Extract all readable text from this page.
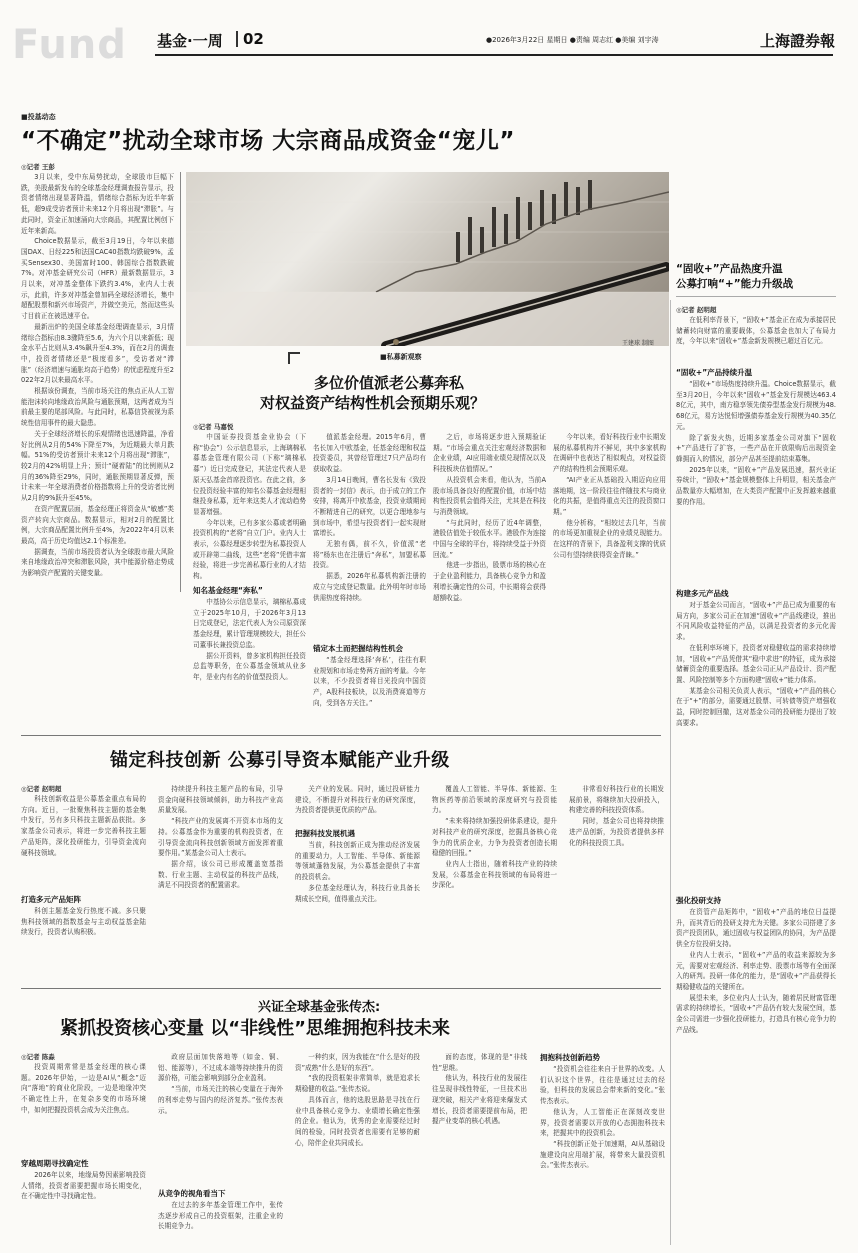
Fund 基金·一周 02	●2026年3月22日 星期日 ●责编 周志红 ●美编 刘宇涛	上海證券報
■投基动态
“不确定”扰动全球市场 大宗商品成资金“宠儿”
◎记者 王彭

3月以来，受中东局势扰动，全球股市巨幅下跌，美股最新发布的全球基金经理调查报告显示，投资者情绪出现显著降温，情绪综合指标为近半年新低，超9成受访者预计未来12个月将出现“滞胀”。与此同时，资金正加速涌向大宗商品，其配置比例创下近年来新高。

Choice数据显示，截至3月19日，今年以来德国DAX、日经225和法国CAC40指数均跌破9%，孟买Sensex30、美国富时100、韩国综合指数跌破7%。对冲基金研究公司（HFR）最新数据显示，3月以来，对冲基金整体下跌约3.4%，业内人士表示，此前，许多对冲基金曾加码全球经济增长，集中超配股票和新兴市场资产，并做空美元，然而这些头寸目前正在被迅速平仓。

最新出炉的美国全球基金经理调查显示，3月情绪综合指标由8.3骤降至5.6，为六个月以来新低；现金水平占比则从3.4%飙升至4.3%，而在2月的调查中，投资者情绪还是“极度看多”，受访者对“滞胀”（经济增速与通胀均高于趋势）的忧虑程度升至2022年2月以来最高水平。

根据该份调查，当前市场关注的焦点正从人工智能泡沫转向地缘政治风险与通胀预期，这两者成为当前最主要的尾部风险。与此同时，私募信贷被视为系统性信用事件的最大隐患。

关于全球经济增长的乐观情绪也迅速降温，净看好比例从2月的54%下降至7%，为近期最大单月跌幅。51%的受访者预计未来12个月将出现“滞胀”，较2月的42%明显上升；预计“硬着陆”的比例则从2月的36%降至29%，同时，通胀预期显著反弹，预计未来一年全球消费者价格指数将上升的受访者比例从2月的9%跃升至45%。

在资产配置层面，基金经理正将资金从“敏感”类资产转向大宗商品。数据显示，相对2月的配置比例，大宗商品配置比例升至4%，为2022年4月以来最高，高于历史均值达2.1个标准差。

据调查，当前市场投资者认为全球股市最大风险来自地缘政治冲突和滞胀风险，其中能源价格走势成为影响资产配置的关键变量。

王建球 制图
“固收+”产品热度升温
公募打响“+”能力升级战
■私募新观察
多位价值派老公募奔私
对权益资产结构性机会预期乐观？
◎记者 马嘉悦

中国证券投资基金业协会（下称“协会”）公示信息显示，上海璃棉私募基金管理有限公司（下称“璃棉私募”）近日完成登记，其法定代表人是原天弘基金首席投资官。在此之前，多位投资经验丰富的知名公募基金经理相继投身私募，近年来这类人才流动趋势显著增强。

今年以来，已有多家公募或者明确投资机构的“老将”自立门户。业内人士表示，公募经理逐步转型为私募投资人或开辟第二曲线，这些“老将”凭借丰富经验，将进一步完善私募行业的人才结构。

知名基金经理“奔私”

中基协公示信息显示，璃棉私募成立于2025年10月，于2026年3月13日完成登记，法定代表人为公司原资深基金经理，累计管理规模较大，担任公司董事长兼投资总监。

据公开资料，曾多家机构担任投资总监等职务，在公募基金领域从业多年，是业内有名的价值型投资人。

值派基金经理。2015年6月，曹名长加入中欧基金，任基金经理和权益投资委员，其曾经管理过7只产品均有获取收益。

3月14日晚间，曹名长发布《致投资者的一封信》表示，由于成立的工作安排，将离开中欧基金，投资业绩期间不断精进自己的研究，以更合理地参与到市场中，希望与投资者们一起实现财富增长。

无独有偶，前不久，价值派“老将”杨东也在注册后“奔私”，加盟私募投资。

据悉，2026年私募机构新注册的成立与完成登记数量。此外明年时市场供需热度将持续。

锚定本土而把握结构性机会

“基金经理选择‘奔私’，往往有职业规划和市场走势两方面的考量。今年以来，不少投资者将目光投向中国资产，A股科技板块，以及消费赛道等方向，受到各方关注。”

之后，市场将逐步进入预期验证期。“市场会重点关注宏观经济数据和企业业绩，AI应用端业绩兑现情况以及科技板块估值情况。”

从投资机会来看，他认为，当前A股市场具备良好的配置价值，市场中结构性投资机会值得关注，尤其是在科技与消费领域。

“与此同时，经历了近4年调整，港股估值处于较低水平。港股作为连接中国与全球的平台，将持续受益于外资回流。”

他进一步指出，股票市场的核心在于企业盈利能力，具备核心竞争力和盈利增长确定性的公司，中长期将会获得超额收益。

今年以来，看好科技行业中长期发展的私募机构并不鲜见，其中多家机构在调研中也表达了相似观点，对权益资产的结构性机会预期乐观。

“AI产业正从基础投入期迈向应用落地期，这一阶段往往伴随技术与商业化的共振，是值得重点关注的投资窗口期。”

他分析称，“相较过去几年，当前的市场更加重视企业的业绩兑现能力。在这样的背景下，具备盈利支撑的优质公司有望持续获得资金青睐。”

◎记者 赵明超

在低利率背景下，“固收+”基金正在成为承接居民储蓄转向财富的重要载体，公募基金也加大了布局力度，今年以来“固收+”基金新发规模已超过百亿元。

“固收+”产品持续升温

“固收+”市场热度持续升温。Choice数据显示，截至3月20日，今年以来“固收+”基金发行规模达463.48亿元，其中，南方稳享领先债券型基金发行规模为48.68亿元，易方达悦恒增强债券基金发行规模为40.35亿元。

除了新发火热，近期多家基金公司对旗下“固收+”产品进行了扩容，一些产品在开放限购后出现资金蜂拥而入的情况，部分产品甚至提前结束募集。

2025年以来，“固收+”产品发展迅速，据兴业证券统计，“固收+”基金规模整体上升明显，相关基金产品数量亦大幅增加，在大类资产配置中正发挥越来越重要的作用。

构建多元产品线

对于基金公司而言，“固收+”产品已成为重要的布局方向，多家公司正在加速“固收+”产品线建设，推出不同风险收益特征的产品，以满足投资者的多元化需求。

在低利率环境下，投资者对稳健收益的需求持续增加，“固收+”产品凭借其“稳中求进”的特征，成为承接储蓄资金的重要选择。基金公司正从产品设计、资产配置、风险控制等多个方面构建“固收+”能力体系。

某基金公司相关负责人表示，“固收+”产品的核心在于“+”的部分，需要通过股票、可转债等资产增强收益，同时控制回撤，这对基金公司的投研能力提出了较高要求。

强化投研支持

在资管产品矩阵中，“固收+”产品的地位日益提升，而其背后的投研支持尤为关键。多家公司搭建了多资产投资团队，通过固收与权益团队的协同，为产品提供全方位投研支持。

业内人士表示，“固收+”产品的收益来源较为多元，需要对宏观经济、利率走势、股票市场等有全面深入的研判。投研一体化的能力，是“固收+”产品获得长期稳健收益的关键所在。

展望未来，多位业内人士认为，随着居民财富管理需求的持续增长，“固收+”产品仍有较大发展空间，基金公司需进一步强化投研能力，打造具有核心竞争力的产品线。

锚定科技创新 公募引导资本赋能产业升级
◎记者 赵明超

科技创新收益是公募基金重点布局的方向。近日，一批聚焦科技主题的基金集中发行，另有多只科技主题新品获批。多家基金公司表示，将进一步完善科技主题产品矩阵，深化投研能力，引导资金流向硬科技领域。

打造多元产品矩阵

科创主题基金发行热度不减。多只聚焦科技领域的指数基金与主动权益基金陆续发行，投资者认购积极。

持续提升科技主题产品的布局，引导资金向硬科技领域倾斜，助力科技产业高质量发展。

“科技产业的发展离不开资本市场的支持。公募基金作为重要的机构投资者，在引导资金流向科技创新领域方面发挥着重要作用。”某基金公司人士表示。

据介绍，该公司已形成覆盖宽基指数、行业主题、主动权益的科技产品线，满足不同投资者的配置需求。

关产业的发展。同时，通过投研能力建设，不断提升对科技行业的研究深度，为投资者提供更优质的产品。

把握科技发展机遇

当前，科技创新正成为推动经济发展的重要动力，人工智能、半导体、新能源等领域蓬勃发展，为公募基金提供了丰富的投资机会。

多位基金经理认为，科技行业具备长期成长空间，值得重点关注。

覆盖人工智能、半导体、新能源、生物医药等前沿领域的深度研究与投资能力。

“未来将持续加强投研体系建设，提升对科技产业的研究深度，挖掘具备核心竞争力的优质企业，力争为投资者创造长期稳健的回报。”

业内人士指出，随着科技产业的持续发展，公募基金在科技领域的布局将进一步深化。

非常看好科技行业的长期发展前景，将继续加大投研投入，构建完善的科技投资体系。

同时，基金公司也将持续推进产品创新，为投资者提供多样化的科技投资工具。

兴证全球基金张传杰:
紧抓投资核心变量 以“非线性”思维拥抱科技未来
◎记者 陈淼

投资周期常常是基金经理的核心课题。2026年伊始，一边是AI从“概念”迈向“落地”的商业化阶段，一边是地缘冲突不确定性上升，在复杂多变的市场环境中，如何把握投资机会成为关注焦点。

穿越周期寻找确定性

2026年以来，地缘局势因素影响投资人情绪，投资者需要把握市场长期变化，在不确定性中寻找确定性。

政府层面加快落地等（如金、铜、铝、能源等），不过成本端等持续推升的资源价格，可能会影响到部分企业盈利。

“当前，市场关注的核心变量在于海外的利率走势与国内的经济复苏。”张传杰表示。

从竞争的视角看当下

在过去的多年基金管理工作中，张传杰逐步形成自己的投资框架，注重企业的长期竞争力。

一种约束，因为我能在“什么是好的投资”成熟“什么是好的东西”。

“我的投资框架非常简单，就是追求长期稳健的收益。”张传杰说。

具体而言，他的选股思路是寻找在行业中具备核心竞争力、业绩增长确定性强的企业。他认为，优秀的企业需要经过时间的检验，同时投资者也需要有足够的耐心，陪伴企业共同成长。

面的态度，体现的是“非线性”思维。

他认为，科技行业的发展往往呈现非线性特征，一旦技术出现突破，相关产业将迎来爆发式增长，投资者需要提前布局，把握产业变革的核心机遇。

拥抱科技创新趋势

“投资机会往往来自于世界的改变。人们认识这个世界，往往是通过过去的经验，但科技的发展总会带来新的变化。”张传杰表示。

他认为，人工智能正在深刻改变世界，投资者需要以开放的心态拥抱科技未来，把握其中的投资机会。

“科技创新正处于加速期，AI从基础设施建设向应用端扩展，将带来大量投资机会。”张传杰表示。
